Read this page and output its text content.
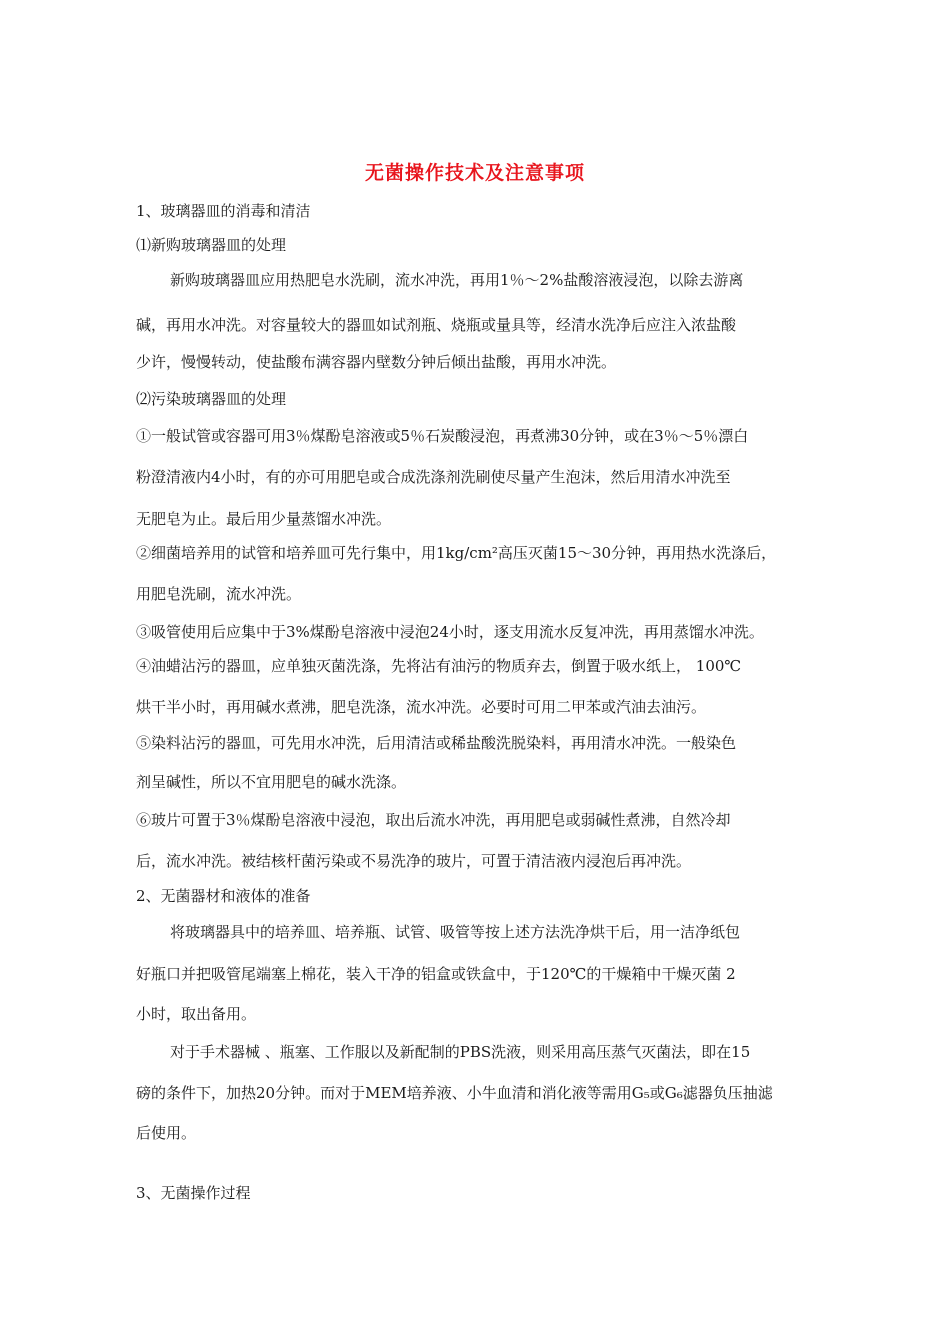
无菌操作技术及注意事项
1、玻璃器皿的消毒和清洁
⑴新购玻璃器皿的处理
新购玻璃器皿应用热肥皂水洗刷，流水冲洗，再用1％～2%盐酸溶液浸泡，以除去游离
碱，再用水冲洗。对容量较大的器皿如试剂瓶、烧瓶或量具等，经清水洗净后应注入浓盐酸
少许，慢慢转动，使盐酸布满容器内壁数分钟后倾出盐酸，再用水冲洗。
⑵污染玻璃器皿的处理
①一般试管或容器可用3％煤酚皂溶液或5％石炭酸浸泡，再煮沸30分钟，或在3％～5％漂白
粉澄清液内4小时，有的亦可用肥皂或合成洗涤剂洗刷使尽量产生泡沫，然后用清水冲洗至
无肥皂为止。最后用少量蒸馏水冲洗。
②细菌培养用的试管和培养皿可先行集中，用1kg/cm²高压灭菌15～30分钟，再用热水洗涤后，
用肥皂洗刷，流水冲洗。
③吸管使用后应集中于3%煤酚皂溶液中浸泡24小时，逐支用流水反复冲洗，再用蒸馏水冲洗。
④油蜡沾污的器皿，应单独灭菌洗涤，先将沾有油污的物质弃去，倒置于吸水纸上， 100℃
烘干半小时，再用碱水煮沸，肥皂洗涤，流水冲洗。必要时可用二甲苯或汽油去油污。
⑤染料沾污的器皿，可先用水冲洗，后用清洁或稀盐酸洗脱染料，再用清水冲洗。一般染色
剂呈碱性，所以不宜用肥皂的碱水洗涤。
⑥玻片可置于3％煤酚皂溶液中浸泡，取出后流水冲洗，再用肥皂或弱碱性煮沸，自然冷却
后，流水冲洗。被结核杆菌污染或不易洗净的玻片，可置于清洁液内浸泡后再冲洗。
2、无菌器材和液体的准备
将玻璃器具中的培养皿、培养瓶、试管、吸管等按上述方法洗净烘干后，用一洁净纸包
好瓶口并把吸管尾端塞上棉花，装入干净的铝盒或铁盒中，于120℃的干燥箱中干燥灭菌 2
小时，取出备用。
对于手术器械 、瓶塞、工作服以及新配制的PBS洗液，则采用高压蒸气灭菌法，即在15
磅的条件下，加热20分钟。而对于MEM培养液、小牛血清和消化液等需用G₅或G₆滤器负压抽滤
后使用。
3、无菌操作过程
